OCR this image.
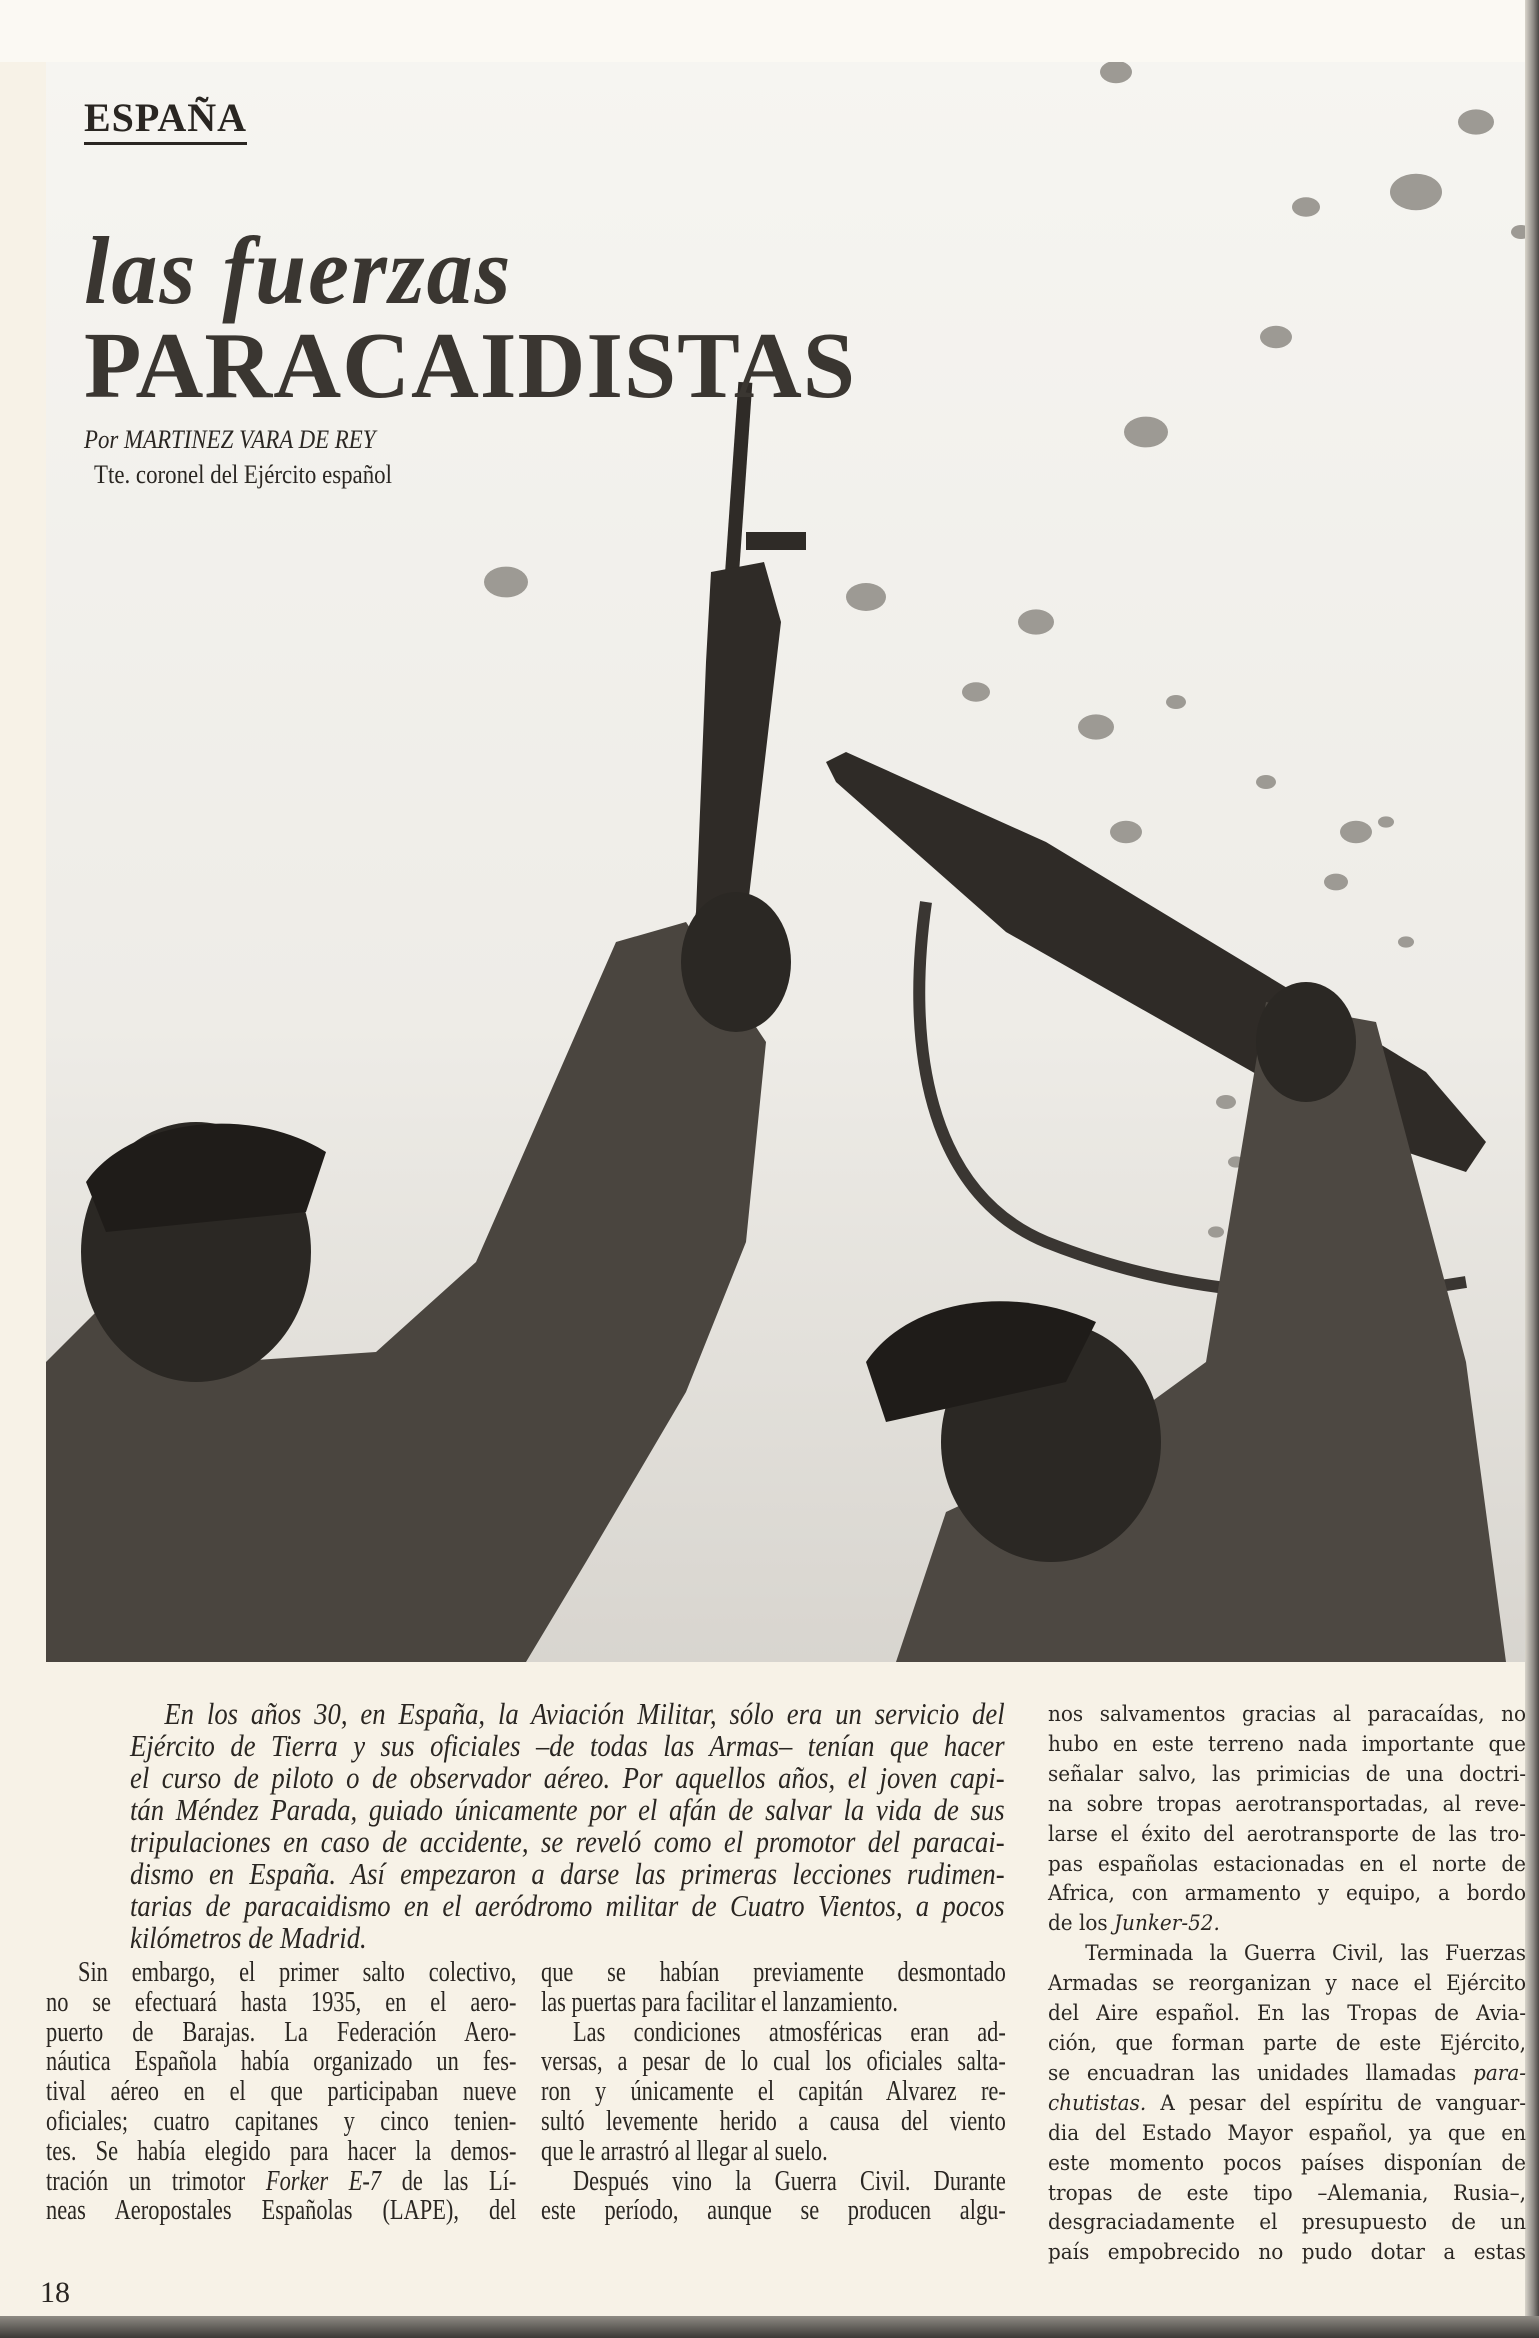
ESPAÑA
las fuerzas
PARACAIDISTAS
Por MARTINEZ VARA DE REY
Tte. coronel del Ejército español
En los años 30, en España, la Aviación Militar, sólo era un servicio del
Ejército de Tierra y sus oficiales –de todas las Armas– tenían que hacer
el curso de piloto o de observador aéreo. Por aquellos años, el joven capi-
tán Méndez Parada, guiado únicamente por el afán de salvar la vida de sus
tripulaciones en caso de accidente, se reveló como el promotor del paracai-
dismo en España. Así empezaron a darse las primeras lecciones rudimen-
tarias de paracaidismo en el aeródromo militar de Cuatro Vientos, a pocos
kilómetros de Madrid.
Sin embargo, el primer salto colectivo,
no se efectuará hasta 1935, en el aero-
puerto de Barajas. La Federación Aero-
náutica Española había organizado un fes-
tival aéreo en el que participaban nueve
oficiales; cuatro capitanes y cinco tenien-
tes. Se había elegido para hacer la demos-
tración un trimotor Forker E-7 de las Lí-
neas Aeropostales Españolas (LAPE), del
que se habían previamente desmontado
las puertas para facilitar el lanzamiento.
Las condiciones atmosféricas eran ad-
versas, a pesar de lo cual los oficiales salta-
ron y únicamente el capitán Alvarez re-
sultó levemente herido a causa del viento
que le arrastró al llegar al suelo.
Después vino la Guerra Civil. Durante
este período, aunque se producen algu-
nos salvamentos gracias al paracaídas, no
hubo en este terreno nada importante que
señalar salvo, las primicias de una doctri-
na sobre tropas aerotransportadas, al reve-
larse el éxito del aerotransporte de las tro-
pas españolas estacionadas en el norte de
Africa, con armamento y equipo, a bordo
de los Junker-52.
Terminada la Guerra Civil, las Fuerzas
Armadas se reorganizan y nace el Ejército
del Aire español. En las Tropas de Avia-
ción, que forman parte de este Ejército,
se encuadran las unidades llamadas para-
chutistas. A pesar del espíritu de vanguar-
dia del Estado Mayor español, ya que en
este momento pocos países disponían de
tropas de este tipo –Alemania, Rusia–,
desgraciadamente el presupuesto de un
país empobrecido no pudo dotar a estas
18
